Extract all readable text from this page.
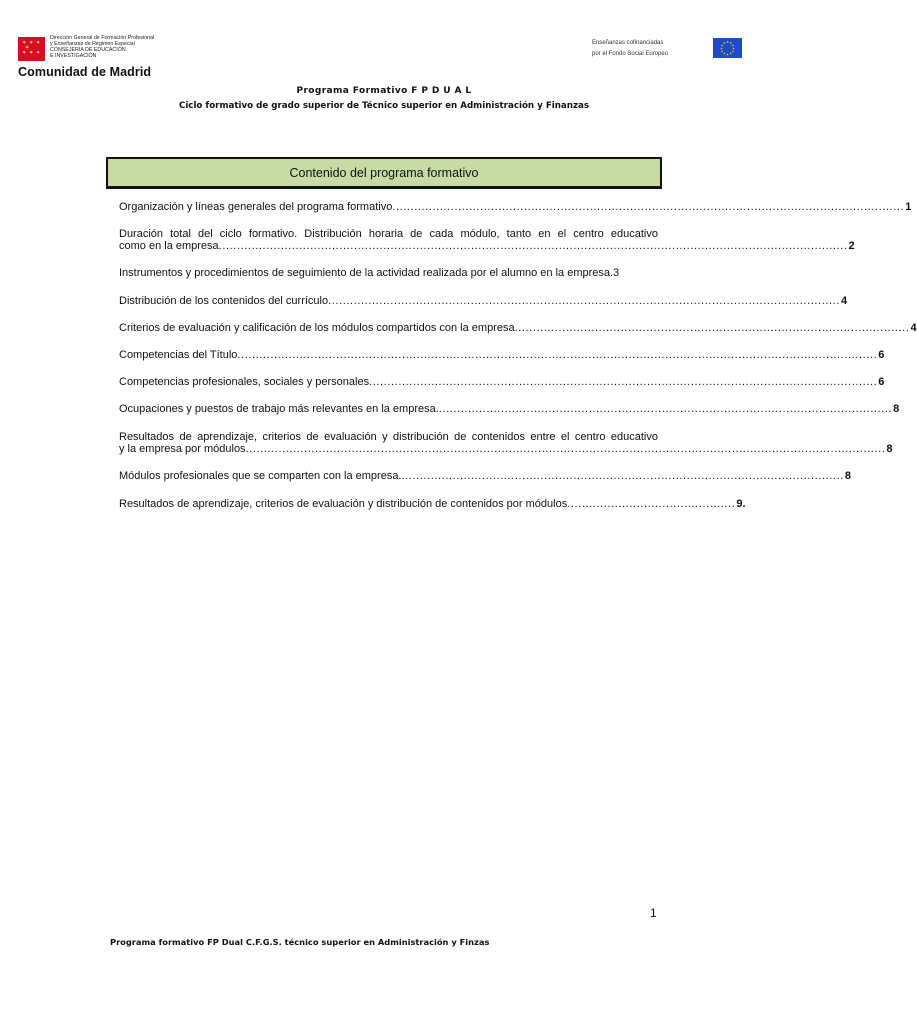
✶ ✶ ✶
✶ ✶ ✶
✶
Dirección General de Formación Profesional
y Enseñanzas de Régimen Especial
CONSEJERÍA DE EDUCACIÓN
E INVESTIGACIÓN
Comunidad de Madrid
Enseñanzas cofinanciadas
por el Fondo Social Europeo
★ ★
★
★
★
★
★
★
★
★
★
★
Programa Formativo F P D U A L
Ciclo formativo de grado superior de Técnico superior en Administración y Finanzas
Contenido del programa formativo
Organización y líneas generales del programa formativo ............................................................................................................................................ 1
Duración total del ciclo formativo. Distribución horaria de cada módulo, tanto en el centro educativo
como en la empresa ............................................................................................................................................................................ 2
Instrumentos y procedimientos de seguimiento de la actividad realizada por el alumno en la empresa.3
Distribución de los contenidos del currículo ............................................................................................................................................ 4
Criterios de evaluación y calificación de los módulos compartidos con la empresa ............................................................................................................ 4
Competencias del Título ............................................................................................................................................................................... 6
Competencias profesionales, sociales y personales ........................................................................................................................................... 6
Ocupaciones y puestos de trabajo más relevantes en la empresa. ............................................................................................................................ 8
Resultados de aprendizaje, criterios de evaluación y distribución de contenidos entre el centro educativo
y la empresa por módulos ............................................................................................................................................................................... 8
Módulos profesionales que se comparten con la empresa. ......................................................................................................................... 8
Resultados de aprendizaje, criterios de evaluación y distribución de contenidos por módulos .............................................. 9.
1
Programa formativo FP Dual C.F.G.S. técnico superior en Administración y Finzas
